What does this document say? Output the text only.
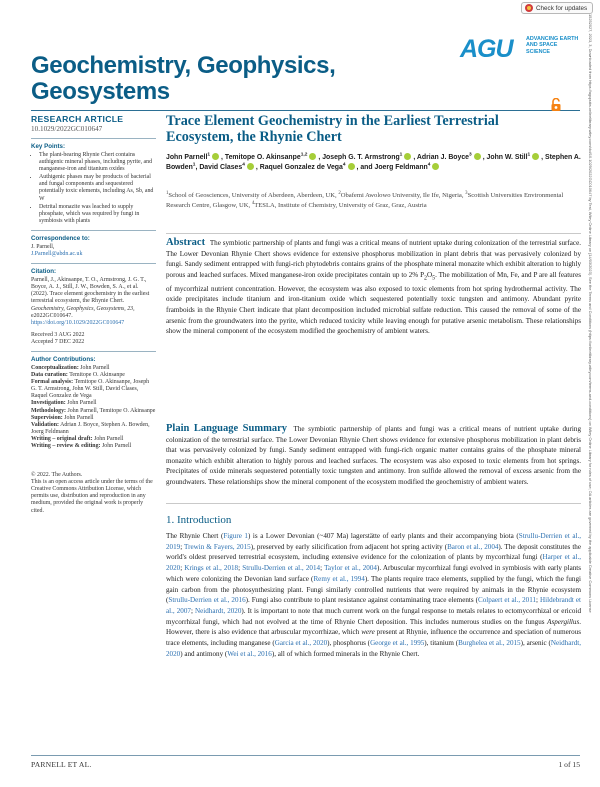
Check for updates
AGU ADVANCING EARTH AND SPACE SCIENCE	15252027, 2023, 3, Downloaded from https://agupubs.onlinelibrary.wiley.com/doi/10.1029/2022GC010647 by Test, Wiley Online Library on [14/03/2023]. See the Terms and Conditions (https://onlinelibrary.wiley.com/terms-and-conditions) on Wiley Online Library for rules of use; OA articles are governed by the applicable Creative Commons License
Geochemistry, Geophysics,
Geosystems
RESEARCH ARTICLE
10.1029/2022GC010647
Key Points:
• The plant-bearing Rhynie Chert contains authigenic mineral phases, including pyrite, and manganese-iron and titanium oxides
• Authigenic phases may be products of bacterial and fungal components and sequestered potentially toxic elements, including As, Sb, and W
• Detrital monazite was leached to supply phosphate, which was required by fungi in symbiosis with plants
Correspondence to:
J. Parnell,
J.Parnell@abdn.ac.uk
Citation:
Parnell, J., Akinsanpe, T. O., Armstrong, J. G. T., Boyce, A. J., Still, J. W., Bowden, S. A., et al. (2022). Trace element geochemistry in the earliest terrestrial ecosystem, the Rhynie Chert. Geochemistry, Geophysics, Geosystems, 23, e2022GC010647. https://doi.org/10.1029/2022GC010647
Received 3 AUG 2022
Accepted 7 DEC 2022
Author Contributions:
Conceptualization: John Parnell
Data curation: Temitope O. Akinsanpe
Formal analysis: Temitope O. Akinsanpe, Joseph G. T. Armstrong, John W. Still, David Clases, Raquel Gonzalez de Vega
Investigation: John Parnell
Methodology: John Parnell, Temitope O. Akinsanpe
Supervision: John Parnell
Validation: Adrian J. Boyce, Stephen A. Bowden, Joerg Feldmann
Writing – original draft: John Parnell
Writing – review & editing: John Parnell
© 2022. The Authors.
This is an open access article under the terms of the Creative Commons Attribution License, which permits use, distribution and reproduction in any medium, provided the original work is properly cited.
Trace Element Geochemistry in the Earliest Terrestrial
Ecosystem, the Rhynie Chert
John Parnell$^1$ , Temitope O. Akinsanpe$^{1,2}$ , Joseph G. T. Armstrong$^1$ , Adrian J. Boyce$^3$ , John W. Still$^1$ , Stephen A. Bowden$^1$, David Clases$^4$ , Raquel Gonzalez de Vega$^4$ , and Joerg Feldmann$^4$
$^1$School of Geosciences, University of Aberdeen, Aberdeen, UK, $^2$Obafemi Awolowo University, Ile Ife, Nigeria, $^3$Scottish Universities Environmental Research Centre, Glasgow, UK, $^4$TESLA, Institute of Chemistry, University of Graz, Graz, Austria
Abstract The symbiotic partnership of plants and fungi was a critical means of nutrient uptake during colonization of the terrestrial surface. The Lower Devonian Rhynie Chert shows evidence for extensive phosphorus mobilization in plant debris that was pervasively colonized by fungi. Sandy sediment entrapped with fungi-rich phytodebris contains grains of the phosphate mineral monazite which exhibit alteration to highly porous and leached surfaces. Mixed manganese-iron oxide precipitates contain up to 2% $P_2O_5$. The mobilization of Mn, Fe, and P are all features of mycorrhizal nutrient concentration. However, the ecosystem was also exposed to toxic elements from hot spring hydrothermal activity. The oxide precipitates include titanium and iron-titanium oxide which sequestered potentially toxic tungsten and antimony. Abundant pyrite framboids in the Rhynie Chert indicate that plant decomposition included microbial sulfate reduction. This caused the removal of some of the arsenic from the groundwaters into the pyrite, which reduced toxicity while leaving enough for putative arsenic metabolism. These relationships show the mineral component of the ecosystem modified the geochemistry of ambient waters.
Plain Language Summary The symbiotic partnership of plants and fungi was a critical means of nutrient uptake during colonization of the terrestrial surface. The Lower Devonian Rhynie Chert shows evidence for extensive phosphorus mobilization in plant debris that was pervasively colonized by fungi. Sandy sediment entrapped with fungi-rich organic matter contains grains of the phosphate mineral monazite which exhibit alteration to highly porous and leached surfaces. The ecosystem was also exposed to toxic elements from hot springs. Precipitates of oxide minerals sequestered potentially toxic tungsten and antimony. Iron sulfide allowed the removal of excess arsenic from the groundwaters. These relationships show the mineral component of the ecosystem modified the geochemistry of ambient waters.
1. Introduction
The Rhynie Chert (Figure 1) is a Lower Devonian (~407 Ma) lagerstätte of early plants and their accompanying biota (Strullu-Derrien et al., 2019; Trewin & Fayers, 2015), preserved by early silicification from adjacent hot spring activity (Baron et al., 2004). The deposit constitutes the world's oldest preserved terrestrial ecosystem, including extensive evidence for the colonization of plants by mycorrhizal fungi (Harper et al., 2020; Krings et al., 2018; Strullu-Derrien et al., 2014; Taylor et al., 2004). Arbuscular mycorrhizal fungi evolved in symbiosis with early plants which were colonizing the Devonian land surface (Remy et al., 1994). The plants require trace elements, supplied by the fungi, which the fungi gain carbon from the photosynthesizing plant. Fungi similarly controlled nutrients that were required by animals in the Rhynie ecosystem (Strullu-Derrien et al., 2016). Fungi also contribute to plant resistance against contaminating trace elements (Colpaert et al., 2011; Hildebrandt et al., 2007; Neidhardt, 2020). It is important to note that much current work on the fungal response to metals relates to ectomycorrhizal or ericoid mycorrhizal fungi, which had not evolved at the time of Rhynie Chert deposition. This includes numerous studies on the fungus Aspergillus. However, there is also evidence that arbuscular mycorrhizae, which were present at Rhynie, influence the occurrence and speciation of numerous trace elements, including manganese (Garcia et al., 2020), phosphorus (George et al., 1995), titanium (Burgheleа et al., 2015), arsenic (Neidhardt, 2020) and antimony (Wei et al., 2016), all of which formed minerals in the Rhynie Chert.
PARNELL ET AL.	1 of 15
